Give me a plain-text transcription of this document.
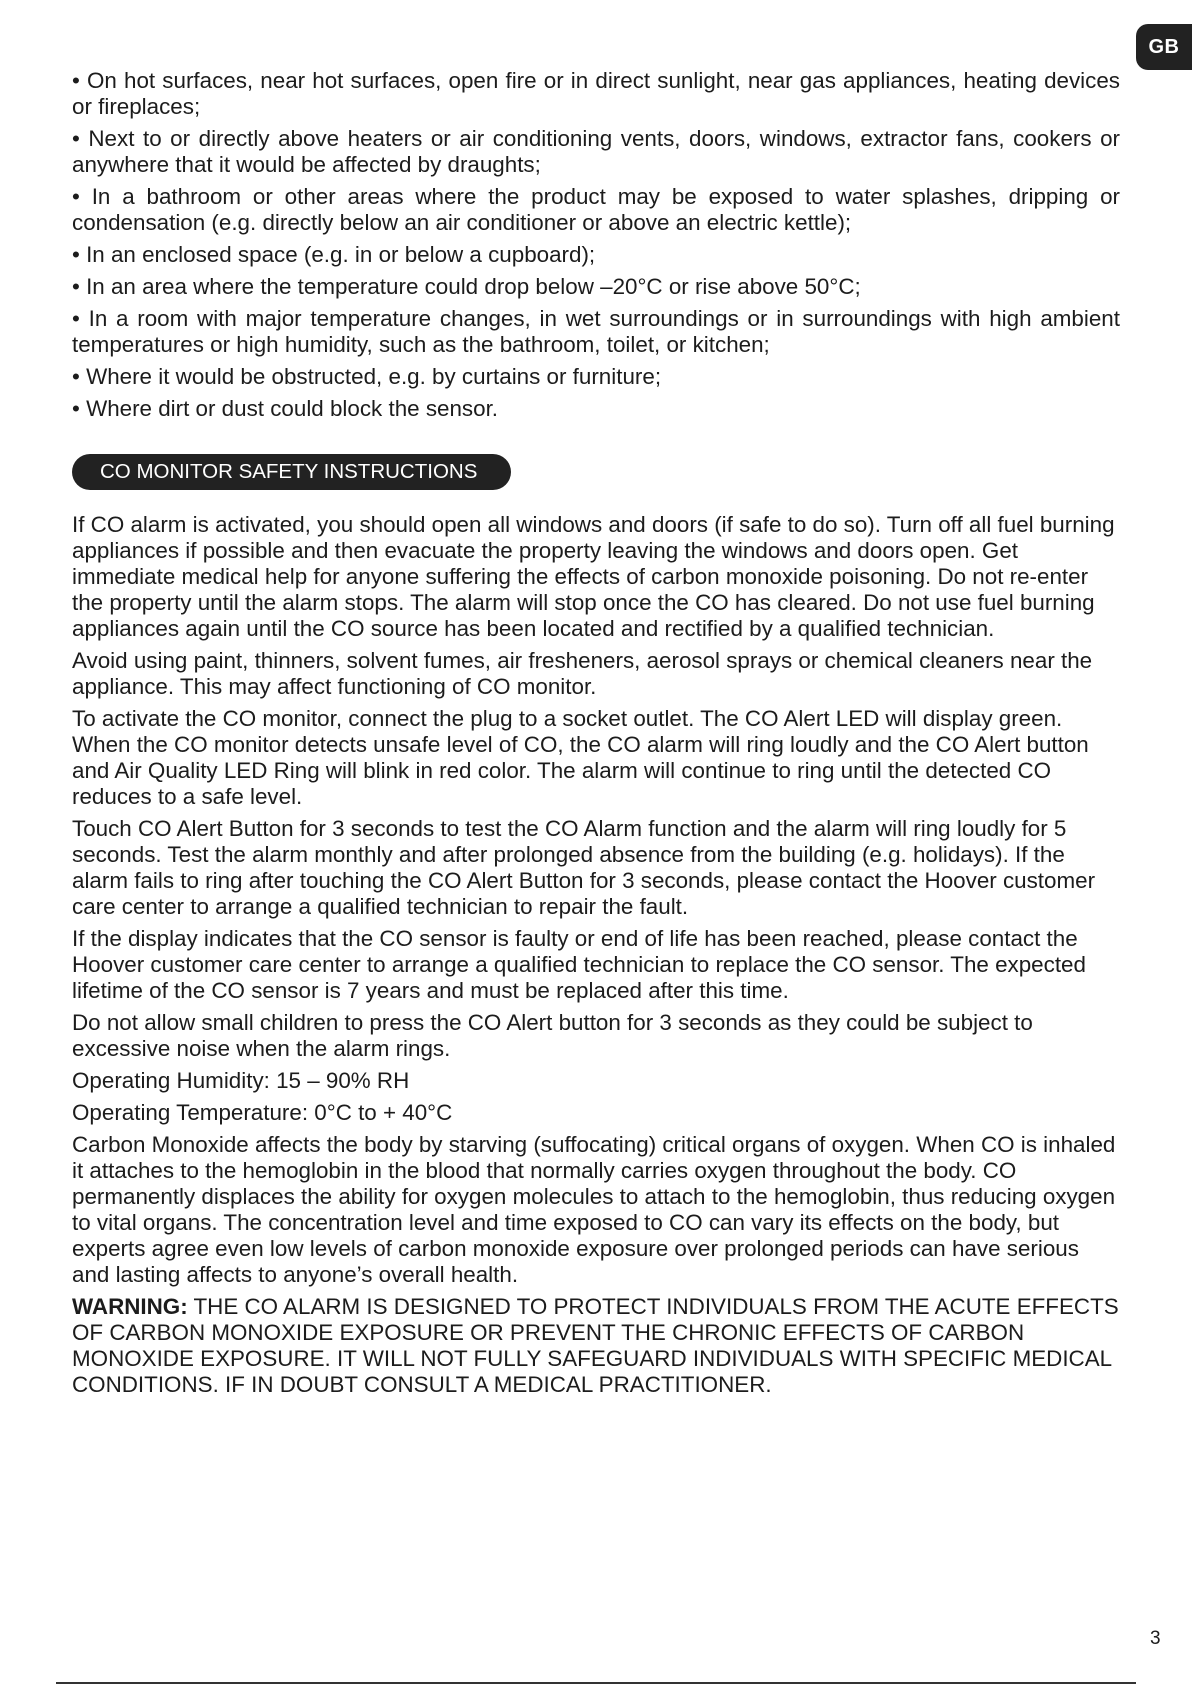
GB
• On hot surfaces, near hot surfaces, open fire or in direct sunlight, near gas appliances, heating devices or fireplaces;
• Next to or directly above heaters or air conditioning vents, doors, windows, extractor fans, cookers or anywhere that it would be affected by draughts;
• In a bathroom or other areas where the product may be exposed to water splashes, dripping or condensation (e.g. directly below an air conditioner or above an electric kettle);
• In an enclosed space (e.g. in or below a cupboard);
• In an area where the temperature could drop below –20°C or rise above 50°C;
• In a room with major temperature changes, in wet surroundings or in surroundings with high ambient temperatures or high humidity, such as the bathroom, toilet, or kitchen;
• Where it would be obstructed, e.g. by curtains or furniture;
• Where dirt or dust could block the sensor.
CO MONITOR SAFETY INSTRUCTIONS

If CO alarm is activated, you should open all windows and doors (if safe to do so). Turn off all fuel burning appliances if possible and then evacuate the property leaving the windows and doors open. Get immediate medical help for anyone suffering the effects of carbon monoxide poisoning. Do not re-enter the property until the alarm stops. The alarm will stop once the CO has cleared. Do not use fuel burning appliances again until the CO source has been located and rectified by a qualified technician.

Avoid using paint, thinners, solvent fumes, air fresheners, aerosol sprays or chemical cleaners near the appliance. This may affect functioning of CO monitor.

To activate the CO monitor, connect the plug to a socket outlet. The CO Alert LED will display green. When the CO monitor detects unsafe level of CO, the CO alarm will ring loudly and the CO Alert button and Air Quality LED Ring will blink in red color. The alarm will continue to ring until the detected CO reduces to a safe level.

Touch CO Alert Button for 3 seconds to test the CO Alarm function and the alarm will ring loudly for 5 seconds. Test the alarm monthly and after prolonged absence from the building (e.g. holidays). If the alarm fails to ring after touching the CO Alert Button for 3 seconds, please contact the Hoover customer care center to arrange a qualified technician to repair the fault.

If the display indicates that the CO sensor is faulty or end of life has been reached, please contact the Hoover customer care center to arrange a qualified technician to replace the CO sensor. The expected lifetime of the CO sensor is 7 years and must be replaced after this time.

Do not allow small children to press the CO Alert button for 3 seconds as they could be subject to excessive noise when the alarm rings.

Operating Humidity: 15 – 90% RH

Operating Temperature: 0°C to + 40°C

Carbon Monoxide affects the body by starving (suffocating) critical organs of oxygen. When CO is inhaled it attaches to the hemoglobin in the blood that normally carries oxygen throughout the body. CO permanently displaces the ability for oxygen molecules to attach to the hemoglobin, thus reducing oxygen to vital organs. The concentration level and time exposed to CO can vary its effects on the body, but experts agree even low levels of carbon monoxide exposure over prolonged periods can have serious and lasting affects to anyone’s overall health.

WARNING: THE CO ALARM IS DESIGNED TO PROTECT INDIVIDUALS FROM THE ACUTE EFFECTS OF CARBON MONOXIDE EXPOSURE OR PREVENT THE CHRONIC EFFECTS OF CARBON MONOXIDE EXPOSURE. IT WILL NOT FULLY SAFEGUARD INDIVIDUALS WITH SPECIFIC MEDICAL CONDITIONS. IF IN DOUBT CONSULT A MEDICAL PRACTITIONER.

3
